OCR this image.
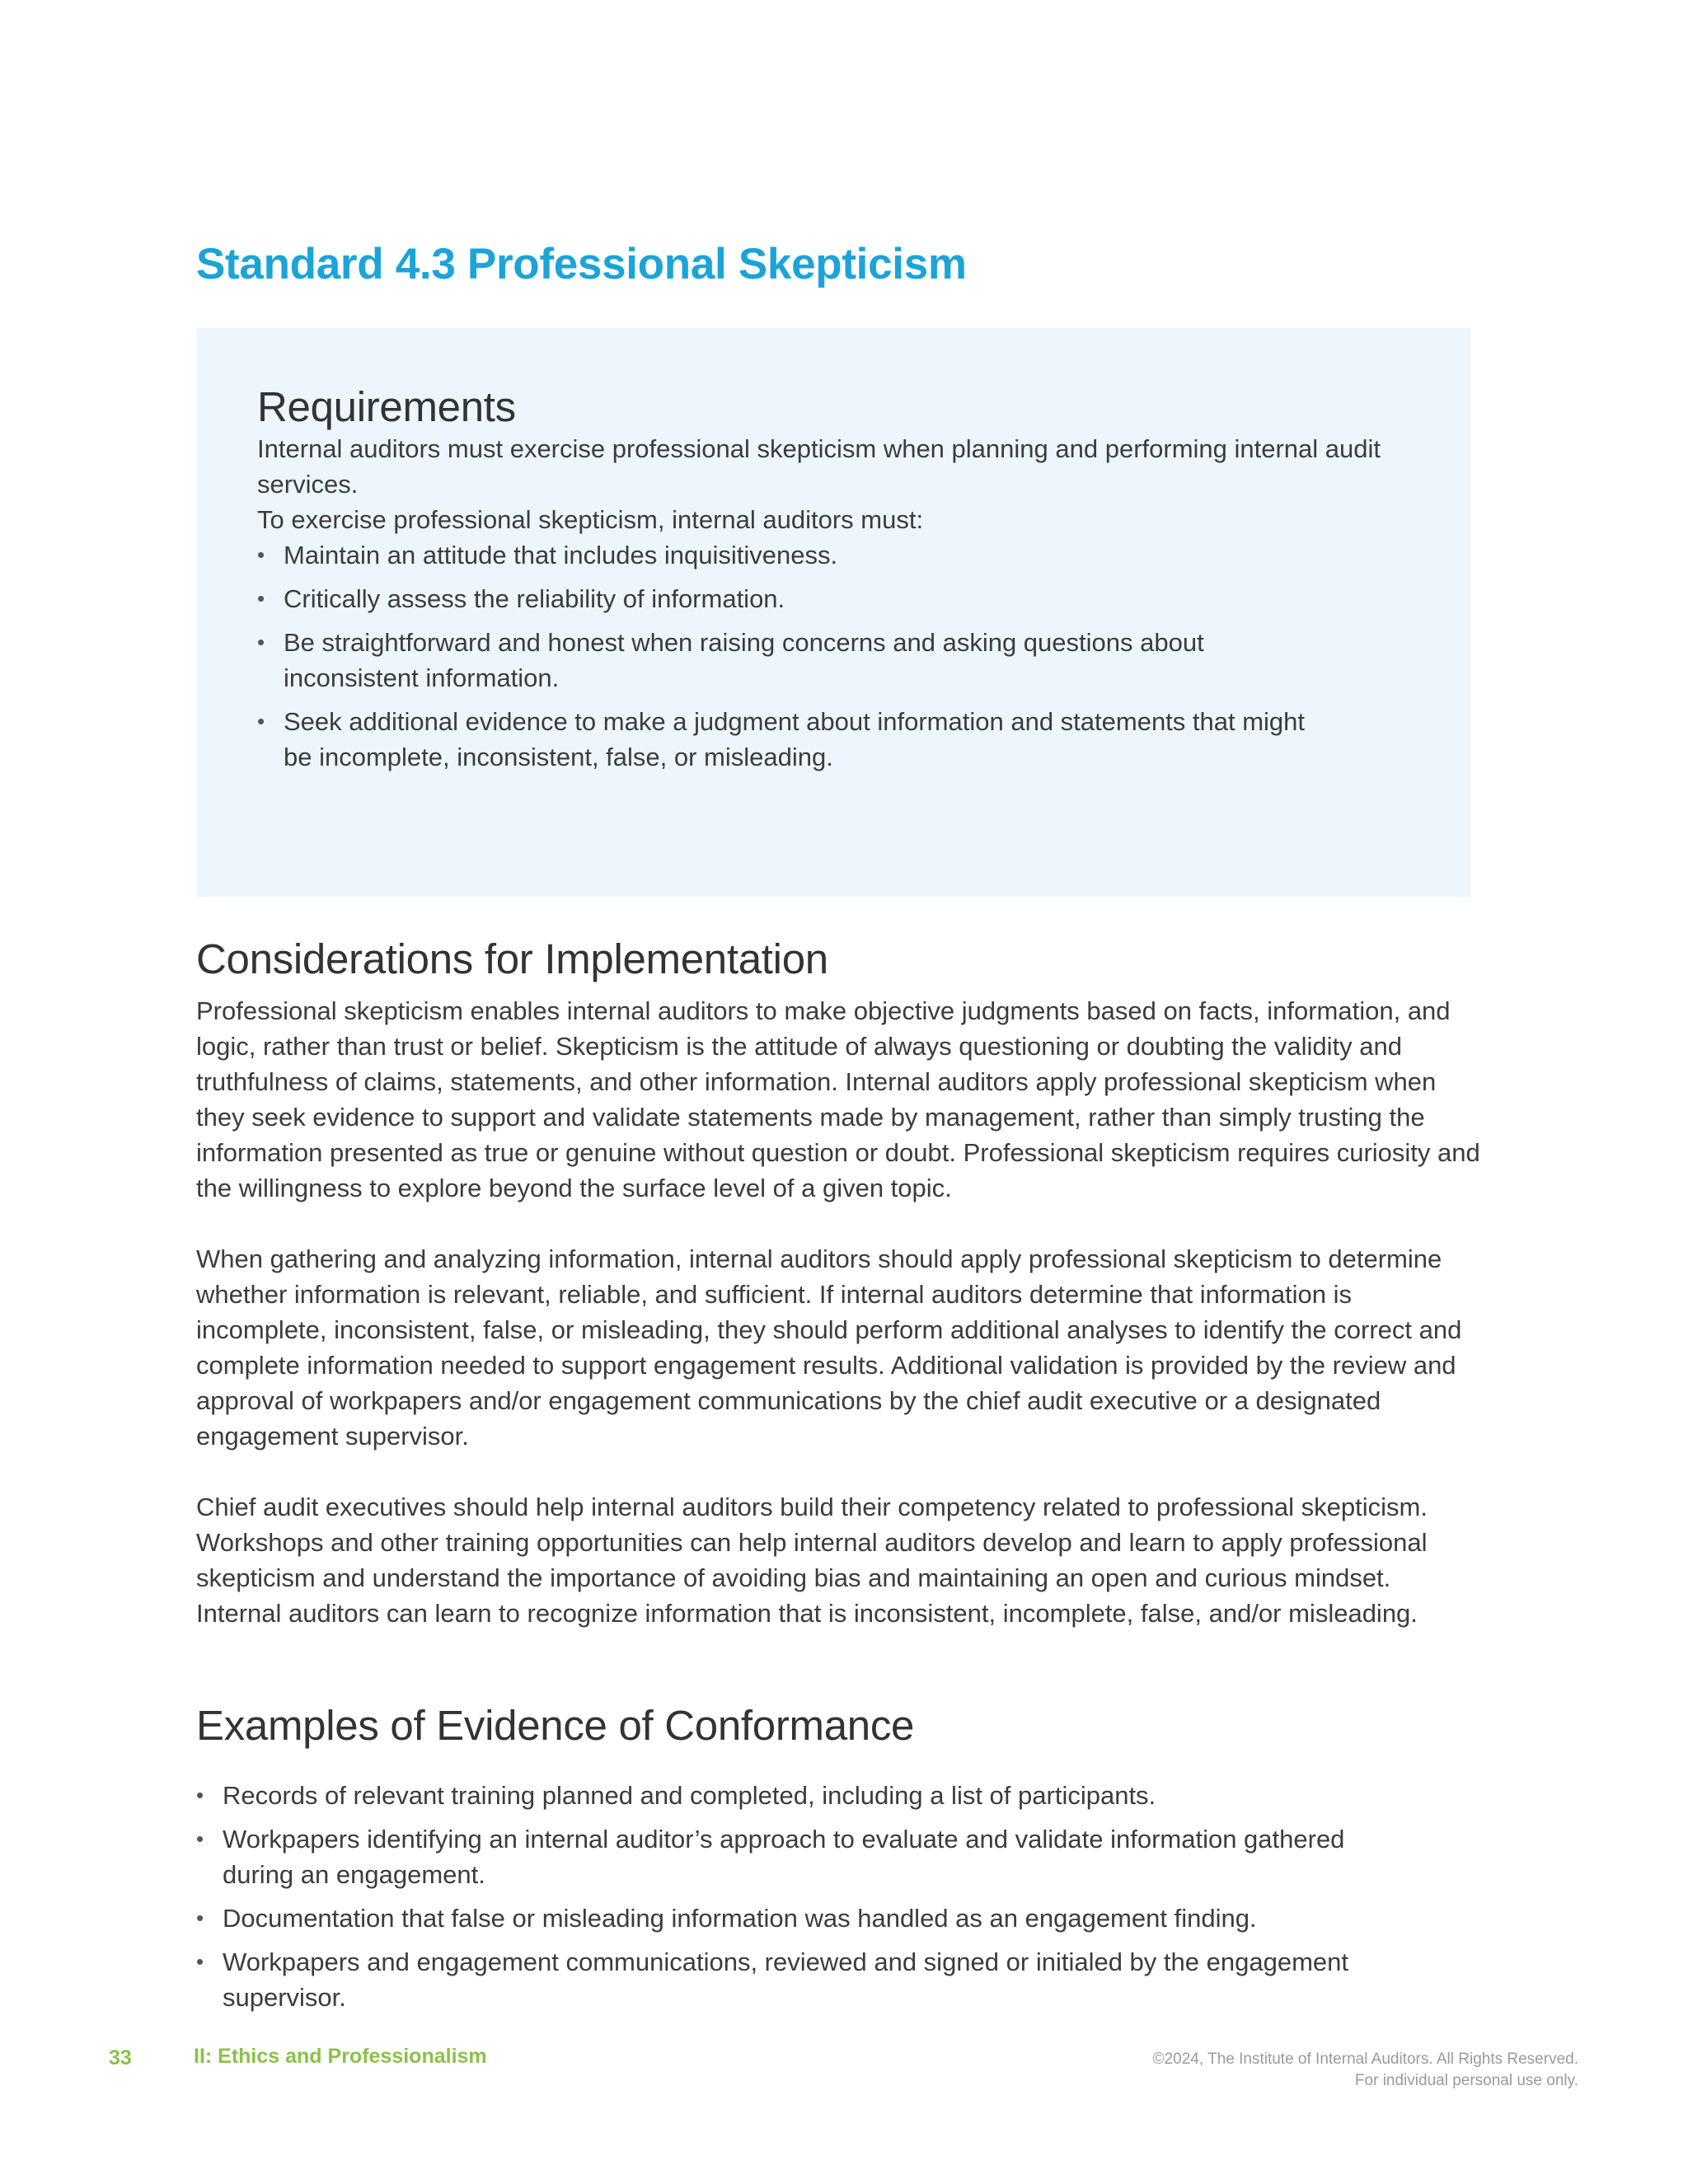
Standard 4.3 Professional Skepticism
Requirements

Internal auditors must exercise professional skepticism when planning and performing internal audit services.

To exercise professional skepticism, internal auditors must:

• Maintain an attitude that includes inquisitiveness.
• Critically assess the reliability of information.
• Be straightforward and honest when raising concerns and asking questions about inconsistent information.
• Seek additional evidence to make a judgment about information and statements that might be incomplete, inconsistent, false, or misleading.
Considerations for Implementation

Professional skepticism enables internal auditors to make objective judgments based on facts, information, and logic, rather than trust or belief. Skepticism is the attitude of always questioning or doubting the validity and truthfulness of claims, statements, and other information. Internal auditors apply professional skepticism when they seek evidence to support and validate statements made by management, rather than simply trusting the information presented as true or genuine without question or doubt. Professional skepticism requires curiosity and the willingness to explore beyond the surface level of a given topic.

When gathering and analyzing information, internal auditors should apply professional skepticism to determine whether information is relevant, reliable, and sufficient. If internal auditors determine that information is incomplete, inconsistent, false, or misleading, they should perform additional analyses to identify the correct and complete information needed to support engagement results. Additional validation is provided by the review and approval of workpapers and/or engagement communications by the chief audit executive or a designated engagement supervisor.

Chief audit executives should help internal auditors build their competency related to professional skepticism. Workshops and other training opportunities can help internal auditors develop and learn to apply professional skepticism and understand the importance of avoiding bias and maintaining an open and curious mindset. Internal auditors can learn to recognize information that is inconsistent, incomplete, false, and/or misleading.

Examples of Evidence of Conformance
• Records of relevant training planned and completed, including a list of participants.
• Workpapers identifying an internal auditor’s approach to evaluate and validate information gathered during an engagement.
• Documentation that false or misleading information was handled as an engagement finding.
• Workpapers and engagement communications, reviewed and signed or initialed by the engagement supervisor.
33	II: Ethics and Professionalism	©2024, The Institute of Internal Auditors. All Rights Reserved.
For individual personal use only.
